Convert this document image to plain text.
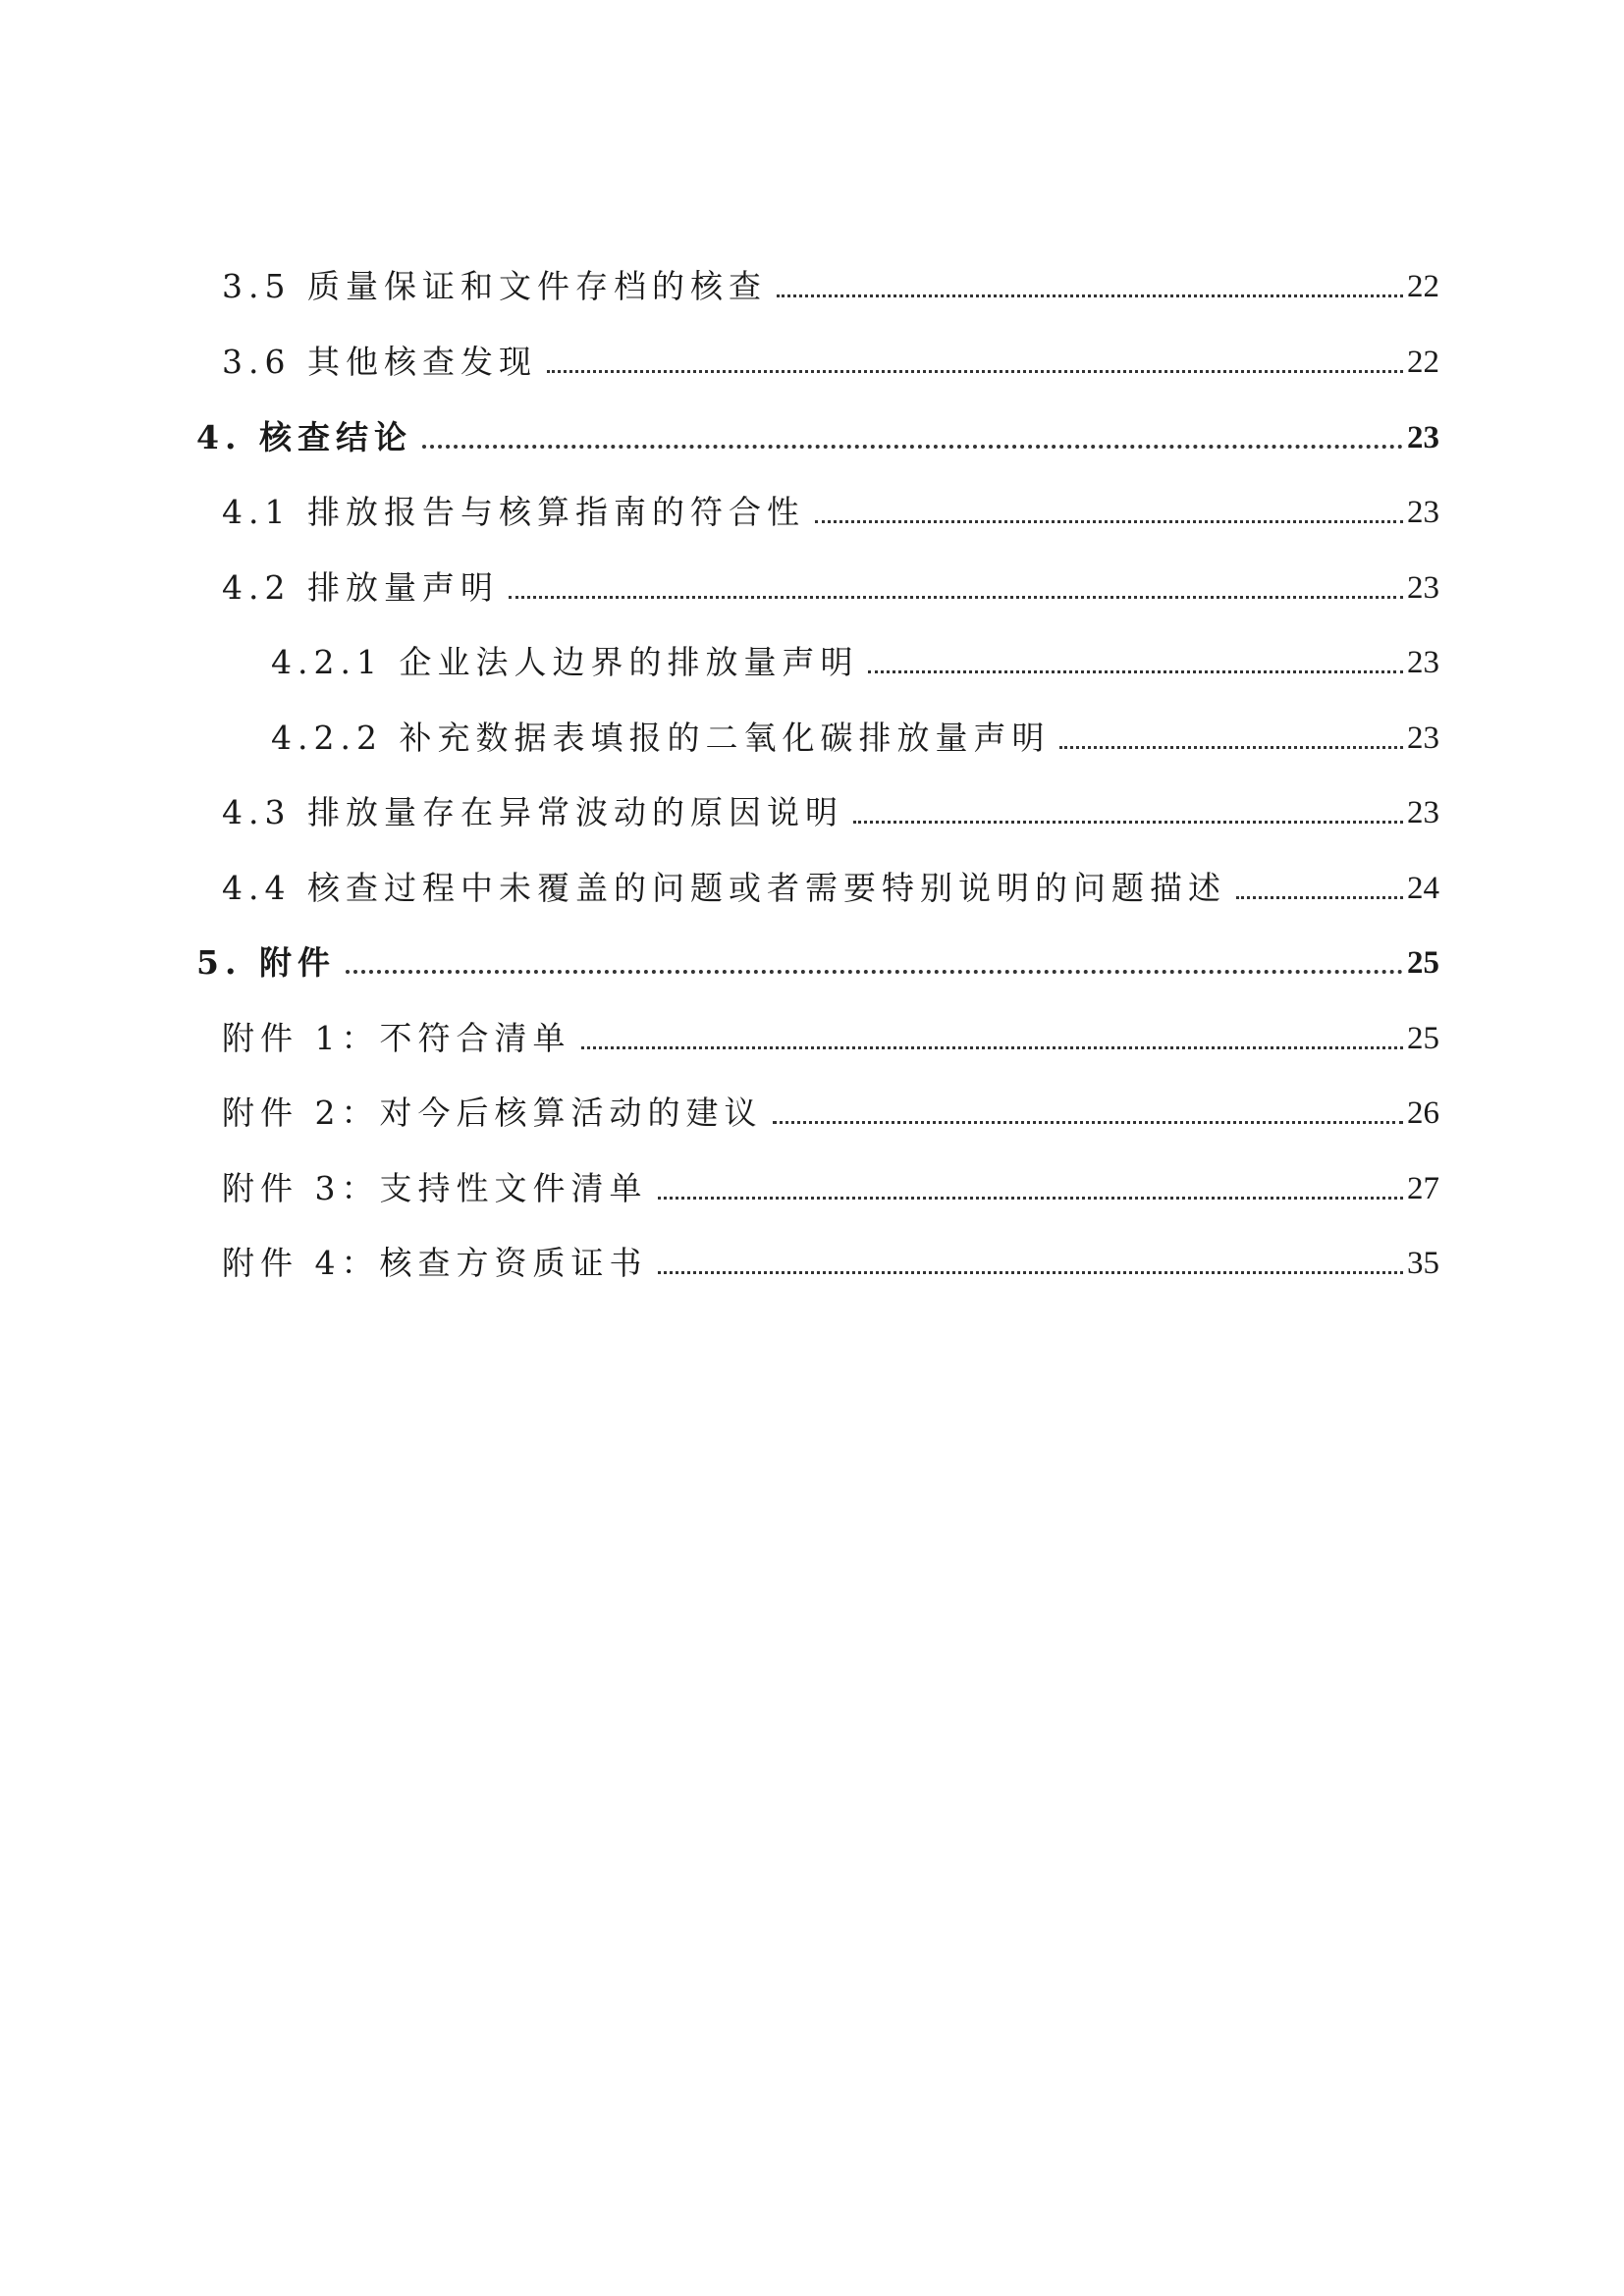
3.5 质量保证和文件存档的核查	22
3.6 其他核查发现	22
4. 核查结论	23
4.1 排放报告与核算指南的符合性	23
4.2 排放量声明	23
4.2.1 企业法人边界的排放量声明	23
4.2.2 补充数据表填报的二氧化碳排放量声明	23
4.3 排放量存在异常波动的原因说明	23
4.4 核查过程中未覆盖的问题或者需要特别说明的问题描述	24
5. 附件	25
附件 1：不符合清单	25
附件 2：对今后核算活动的建议	26
附件 3：支持性文件清单	27
附件 4：核查方资质证书	35
